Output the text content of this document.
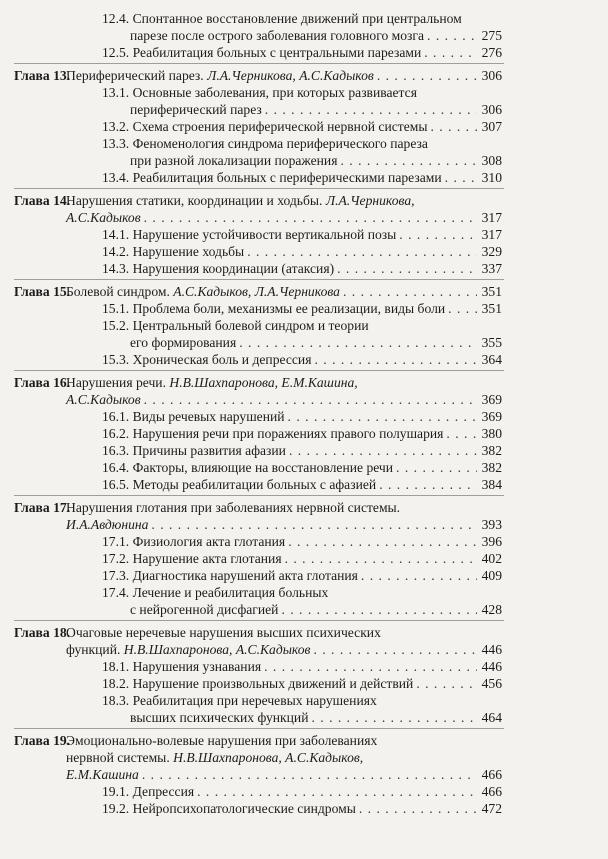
12.4. Спонтанное восстановление движений при центральном
парезе после острого заболевания головного мозга . . .	275
12.5. Реабилитация больных с центральными парезами . . .	276
Глава 13.
Периферический парез. Л.А.Черникова, А.С.Кадыков . . .	306
13.1. Основные заболевания, при которых развивается
периферический парез . . .	306
13.2. Схема строения периферической нервной системы . . .	307
13.3. Феноменология синдрома периферического пареза
при разной локализации поражения . . .	308
13.4. Реабилитация больных с периферическими парезами . . .	310
Глава 14.
Нарушения статики, координации и ходьбы. Л.А.Черникова,
А.С.Кадыков . . .	317
14.1. Нарушение устойчивости вертикальной позы . . .	317
14.2. Нарушение ходьбы . . .	329
14.3. Нарушения координации (атаксия) . . .	337
Глава 15.
Болевой синдром. А.С.Кадыков, Л.А.Черникова . . .	351
15.1. Проблема боли, механизмы ее реализации, виды боли . . .	351
15.2. Центральный болевой синдром и теории
его формирования . . .	355
15.3. Хроническая боль и депрессия . . .	364
Глава 16.
Нарушения речи. Н.В.Шахпаронова, Е.М.Кашина,
А.С.Кадыков . . .	369
16.1. Виды речевых нарушений . . .	369
16.2. Нарушения речи при поражениях правого полушария . . .	380
16.3. Причины развития афазии . . .	382
16.4. Факторы, влияющие на восстановление речи . . .	382
16.5. Методы реабилитации больных с афазией . . .	384
Глава 17.
Нарушения глотания при заболеваниях нервной системы.
И.А.Авдюнина . . .	393
17.1. Физиология акта глотания . . .	396
17.2. Нарушение акта глотания . . .	402
17.3. Диагностика нарушений акта глотания . . .	409
17.4. Лечение и реабилитация больных
с нейрогенной дисфагией . . .	428
Глава 18.
Очаговые неречевые нарушения высших психических
функций. Н.В.Шахпаронова, А.С.Кадыков . . .	446
18.1. Нарушения узнавания . . .	446
18.2. Нарушение произвольных движений и действий . . .	456
18.3. Реабилитация при неречевых нарушениях
высших психических функций . . .	464
Глава 19.
Эмоционально-волевые нарушения при заболеваниях
нервной системы. Н.В.Шахпаронова, А.С.Кадыков,
Е.М.Кашина . . .	466
19.1. Депрессия . . .	466
19.2. Нейропсихопатологические синдромы . . .	472
